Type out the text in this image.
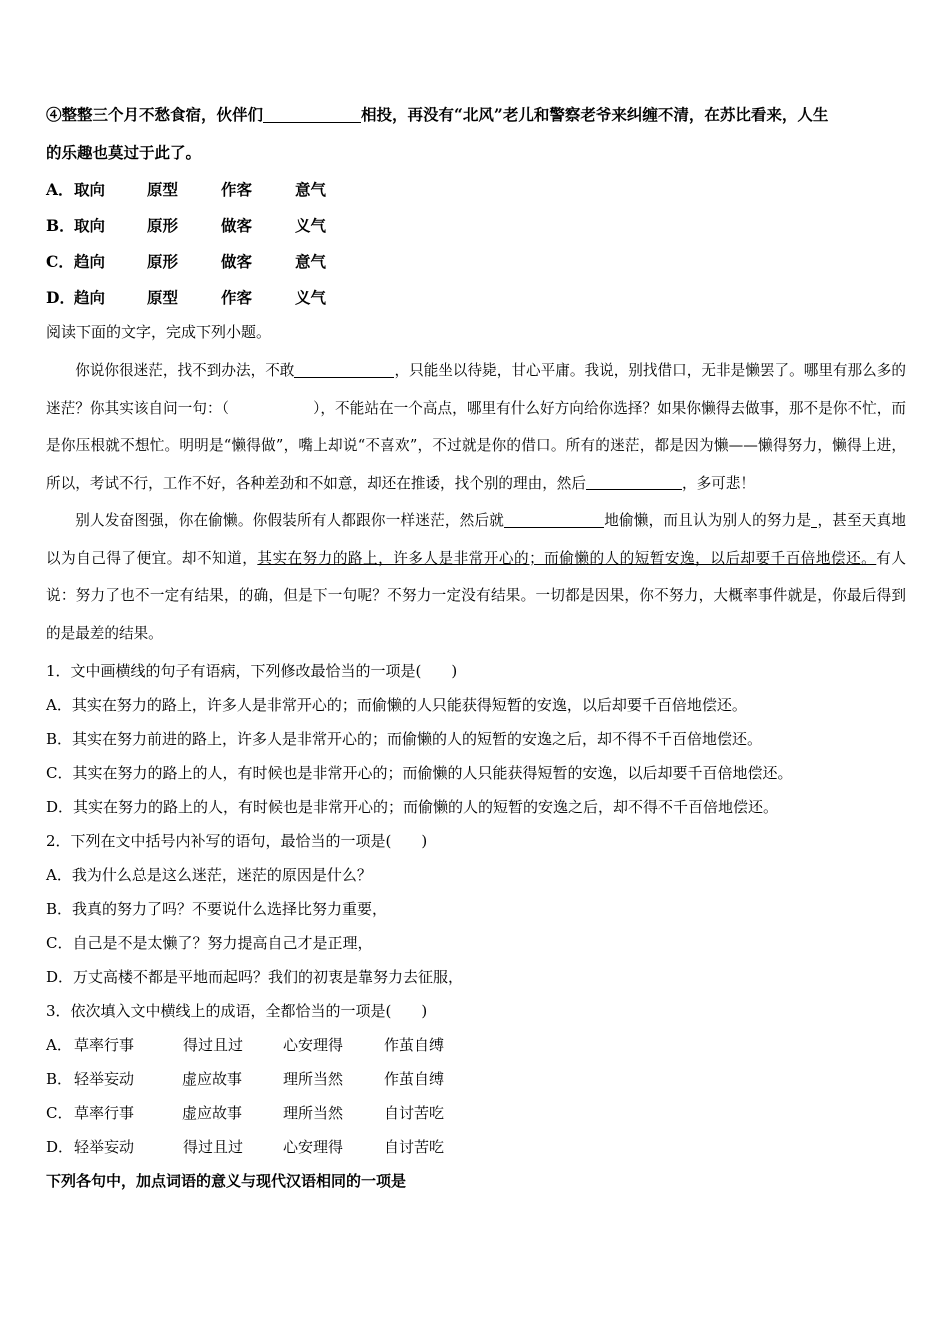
④整整三个月不愁食宿，伙伴们	相投，再没有“北风”老儿和警察老爷来纠缠不清，在苏比看来，人生
的乐趣也莫过于此了。
A．取向	原型	作客	意气
B．取向	原形	做客	义气
C．趋向	原形	做客	意气
D．趋向	原型	作客	义气
阅读下面的文字，完成下列小题。
你说你很迷茫，找不到办法，不敢	，只能坐以待毙，甘心平庸。我说，别找借口，无非是懒罢了。哪里有那么多的迷茫？你其实该自问一句：（	），不能站在一个高点，哪里有什么好方向给你选择？如果你懒得去做事，那不是你不忙，而是你压根就不想忙。明明是“懒得做”，嘴上却说“不喜欢”，不过就是你的借口。所有的迷茫，都是因为懒——懒得努力，懒得上进，所以，考试不行，工作不好，各种差劲和不如意，却还在推诿，找个别的理由，然后	，多可悲！
别人发奋图强，你在偷懒。你假装所有人都跟你一样迷茫，然后就	地偷懒，而且认为别人的努力是 ，甚至天真地以为自己得了便宜。却不知道，其实在努力的路上，许多人是非常开心的；而偷懒的人的短暂安逸，以后却要千百倍地偿还。有人说：努力了也不一定有结果，的确，但是下一句呢？不努力一定没有结果。一切都是因果，你不努力，大概率事件就是，你最后得到的是最差的结果。
1．文中画横线的句子有语病，下列修改最恰当的一项是(　　)
A．其实在努力的路上，许多人是非常开心的；而偷懒的人只能获得短暂的安逸，以后却要千百倍地偿还。
B．其实在努力前进的路上，许多人是非常开心的；而偷懒的人的短暂的安逸之后，却不得不千百倍地偿还。
C．其实在努力的路上的人，有时候也是非常开心的；而偷懒的人只能获得短暂的安逸，以后却要千百倍地偿还。
D．其实在努力的路上的人，有时候也是非常开心的；而偷懒的人的短暂的安逸之后，却不得不千百倍地偿还。
2．下列在文中括号内补写的语句，最恰当的一项是(　　)
A．我为什么总是这么迷茫，迷茫的原因是什么？
B．我真的努力了吗？不要说什么选择比努力重要，
C．自己是不是太懒了？努力提高自己才是正理，
D．万丈高楼不都是平地而起吗？我们的初衷是靠努力去征服，
3．依次填入文中横线上的成语，全都恰当的一项是(　　)
A． 草率行事	得过且过	心安理得	作茧自缚
B． 轻举妄动	虚应故事	理所当然	作茧自缚
C． 草率行事	虚应故事	理所当然	自讨苦吃
D．轻举妄动	得过且过	心安理得	自讨苦吃
下列各句中，加点词语的意义与现代汉语相同的一项是
